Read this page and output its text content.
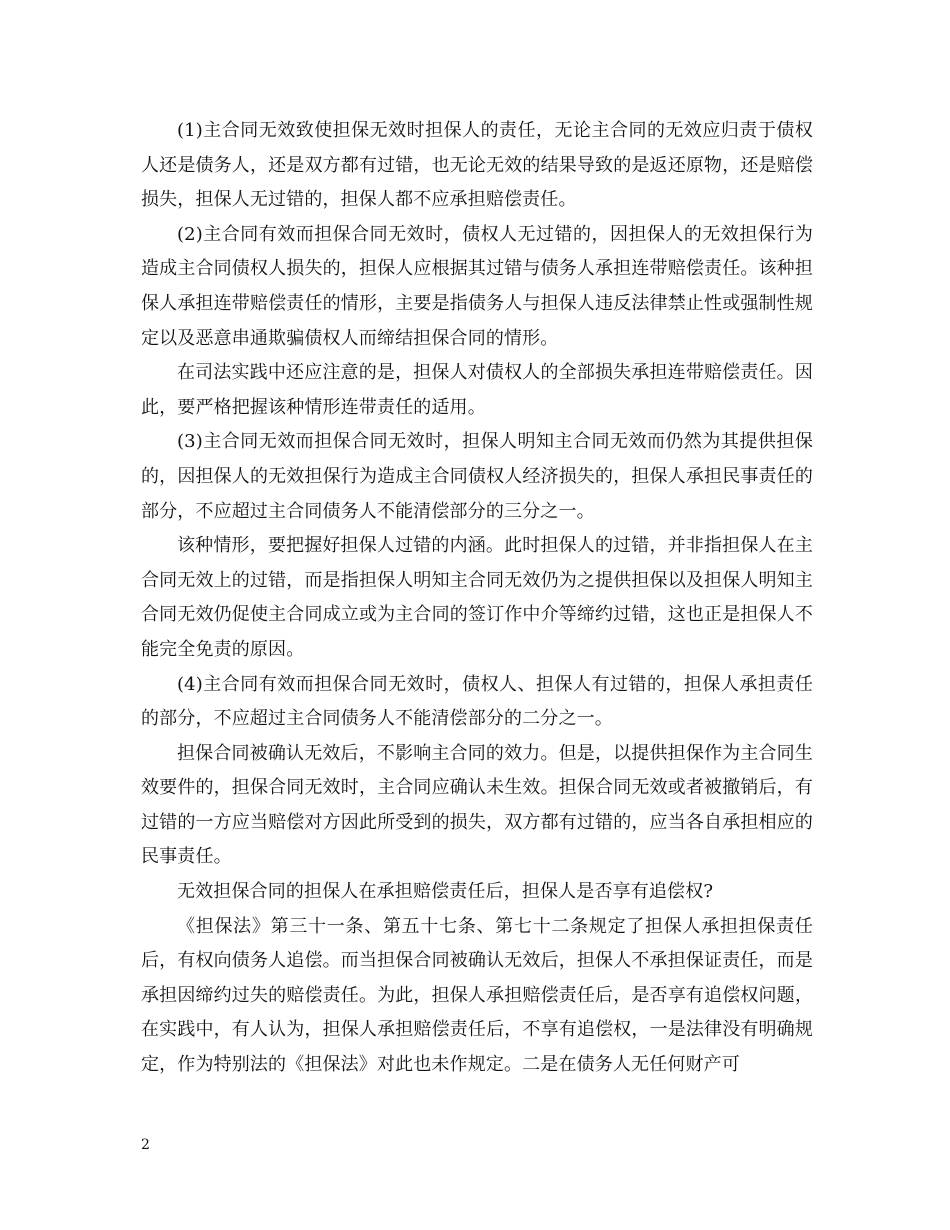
(1)主合同无效致使担保无效时担保人的责任，无论主合同的无效应归责于债权人还是债务人，还是双方都有过错，也无论无效的结果导致的是返还原物，还是赔偿损失，担保人无过错的，担保人都不应承担赔偿责任。

(2)主合同有效而担保合同无效时，债权人无过错的，因担保人的无效担保行为造成主合同债权人损失的，担保人应根据其过错与债务人承担连带赔偿责任。该种担保人承担连带赔偿责任的情形，主要是指债务人与担保人违反法律禁止性或强制性规定以及恶意串通欺骗债权人而缔结担保合同的情形。

在司法实践中还应注意的是，担保人对债权人的全部损失承担连带赔偿责任。因此，要严格把握该种情形连带责任的适用。

(3)主合同无效而担保合同无效时，担保人明知主合同无效而仍然为其提供担保的，因担保人的无效担保行为造成主合同债权人经济损失的，担保人承担民事责任的部分，不应超过主合同债务人不能清偿部分的三分之一。

该种情形，要把握好担保人过错的内涵。此时担保人的过错，并非指担保人在主合同无效上的过错，而是指担保人明知主合同无效仍为之提供担保以及担保人明知主合同无效仍促使主合同成立或为主合同的签订作中介等缔约过错，这也正是担保人不能完全免责的原因。

(4)主合同有效而担保合同无效时，债权人、担保人有过错的，担保人承担责任的部分，不应超过主合同债务人不能清偿部分的二分之一。

担保合同被确认无效后，不影响主合同的效力。但是，以提供担保作为主合同生效要件的，担保合同无效时，主合同应确认未生效。担保合同无效或者被撤销后，有过错的一方应当赔偿对方因此所受到的损失，双方都有过错的，应当各自承担相应的民事责任。

无效担保合同的担保人在承担赔偿责任后，担保人是否享有追偿权?

《担保法》第三十一条、第五十七条、第七十二条规定了担保人承担担保责任后，有权向债务人追偿。而当担保合同被确认无效后，担保人不承担保证责任，而是承担因缔约过失的赔偿责任。为此，担保人承担赔偿责任后，是否享有追偿权问题，在实践中，有人认为，担保人承担赔偿责任后，不享有追偿权，一是法律没有明确规定，作为特别法的《担保法》对此也未作规定。二是在债务人无任何财产可

2
